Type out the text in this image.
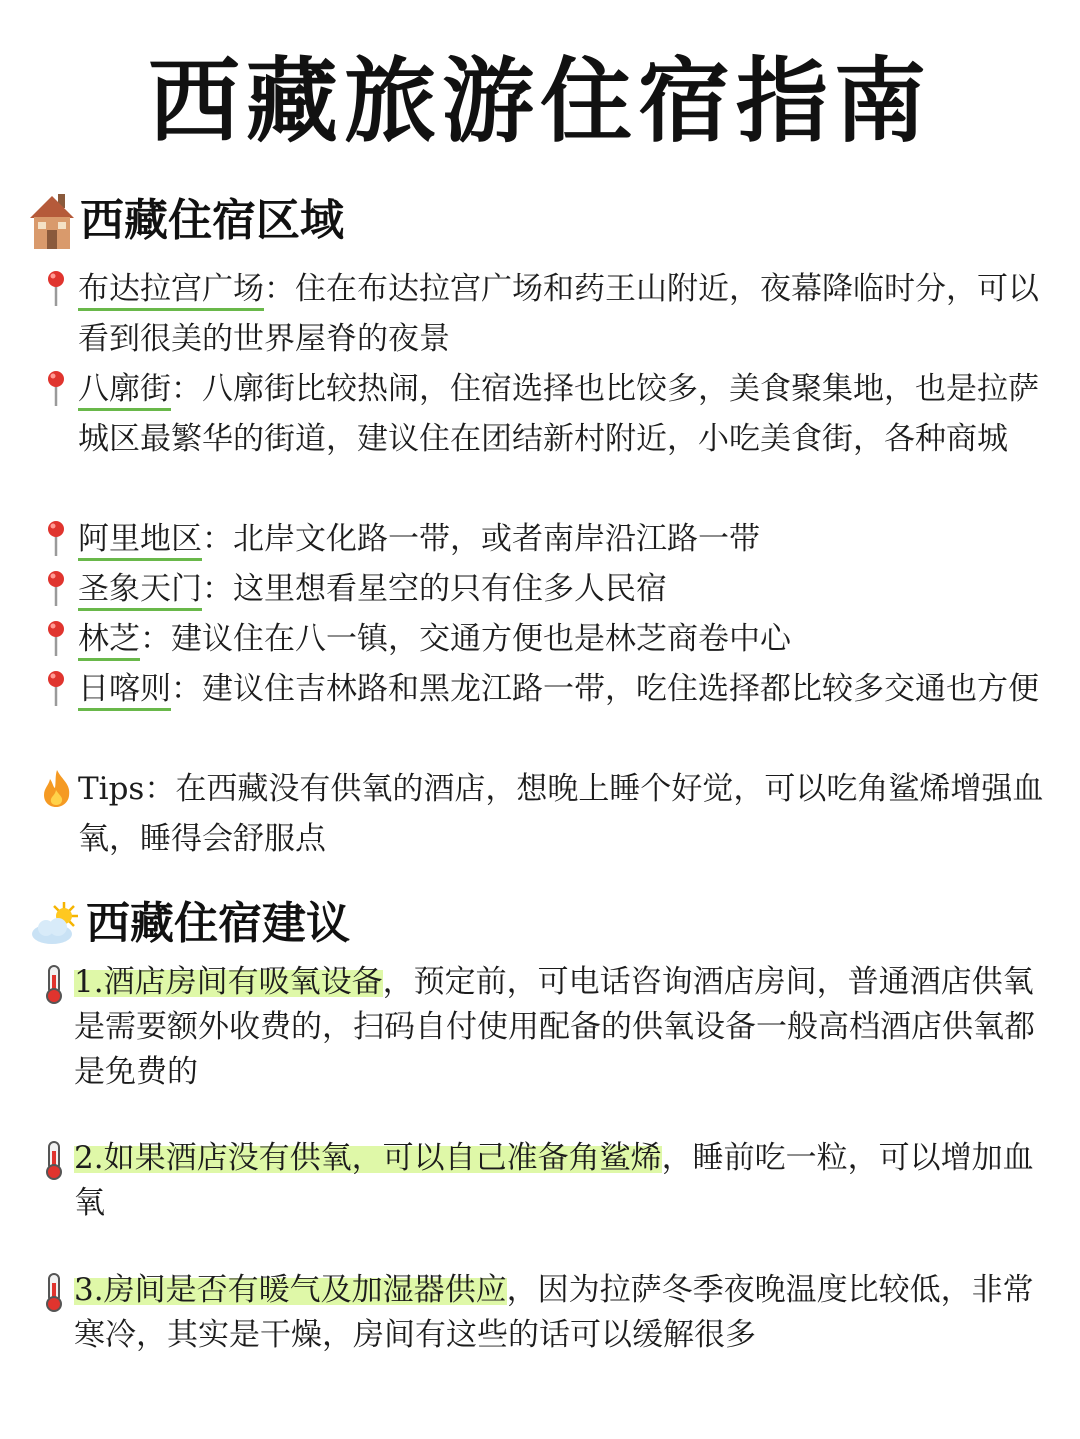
西藏旅游住宿指南
西藏住宿区域
布达拉宫广场：住在布达拉宫广场和药王山附近，夜幕降临时分，可以看到很美的世界屋脊的夜景
八廓街：八廓街比较热闹，住宿选择也比饺多，美食聚集地，也是拉萨城区最繁华的街道，建议住在团结新村附近，小吃美食街，各种商城
阿里地区：北岸文化路一带，或者南岸沿江路一带
圣象天门：这里想看星空的只有住多人民宿
林芝：建议住在八一镇，交通方便也是林芝商卷中心
日喀则：建议住吉林路和黑龙江路一带，吃住选择都比较多交通也方便
Tips：在西藏没有供氧的酒店，想晚上睡个好觉，可以吃角鲨烯增强血氧，睡得会舒服点
西藏住宿建议
1.酒店房间有吸氧设备，预定前，可电话咨询酒店房间，普通酒店供氧是需要额外收费的，扫码自付使用配备的供氧设备一般高档酒店供氧都是免费的
2.如果酒店没有供氧，可以自己准备角鲨烯，睡前吃一粒，可以增加血氧
3.房间是否有暖气及加湿器供应，因为拉萨冬季夜晚温度比较低，非常寒冷，其实是干燥，房间有这些的话可以缓解很多
